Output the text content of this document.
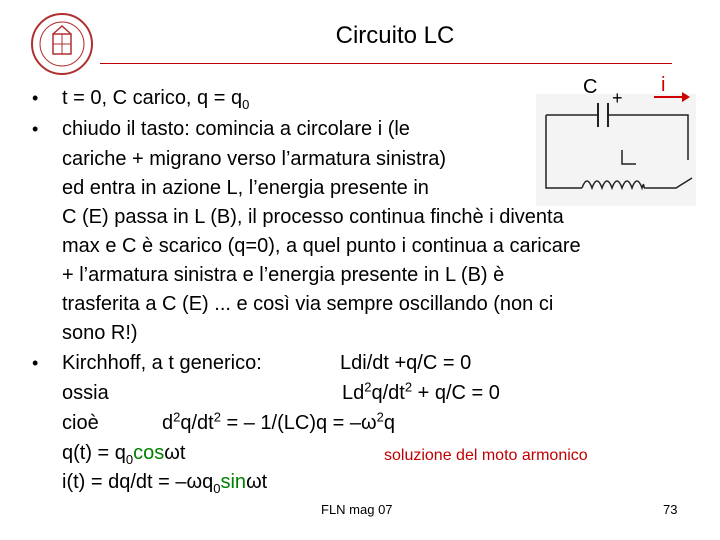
Circuito LC
C +
i
•
•
•
t = 0, C carico, $q = q_0$
chiudo il tasto: comincia a circolare i (le
cariche + migrano verso l’armatura sinistra)
ed entra in azione L, l’energia presente in
C (E) passa in L (B), il processo continua finchè i diventa
max e C è scarico (q=0), a quel punto i continua a caricare
+ l’armatura sinistra e l’energia presente in L (B) è
trasferita a C (E) ... e così via sempre oscillando (non ci
sono R!)
Kirchhoff, a t generico:	Ldi/dt +q/C = 0
ossia	$Ld^2q/dt^2 + q/C = 0$
cioè	$d^2q/dt^2$ = – $1/(LC)q = -\omega^2q$
$q(t) = q_0\cos\omega t$	soluzione del moto armonico
$i(t) = dq/dt = -\omega q_0\sin\omega t$
FLN mag 07	73
